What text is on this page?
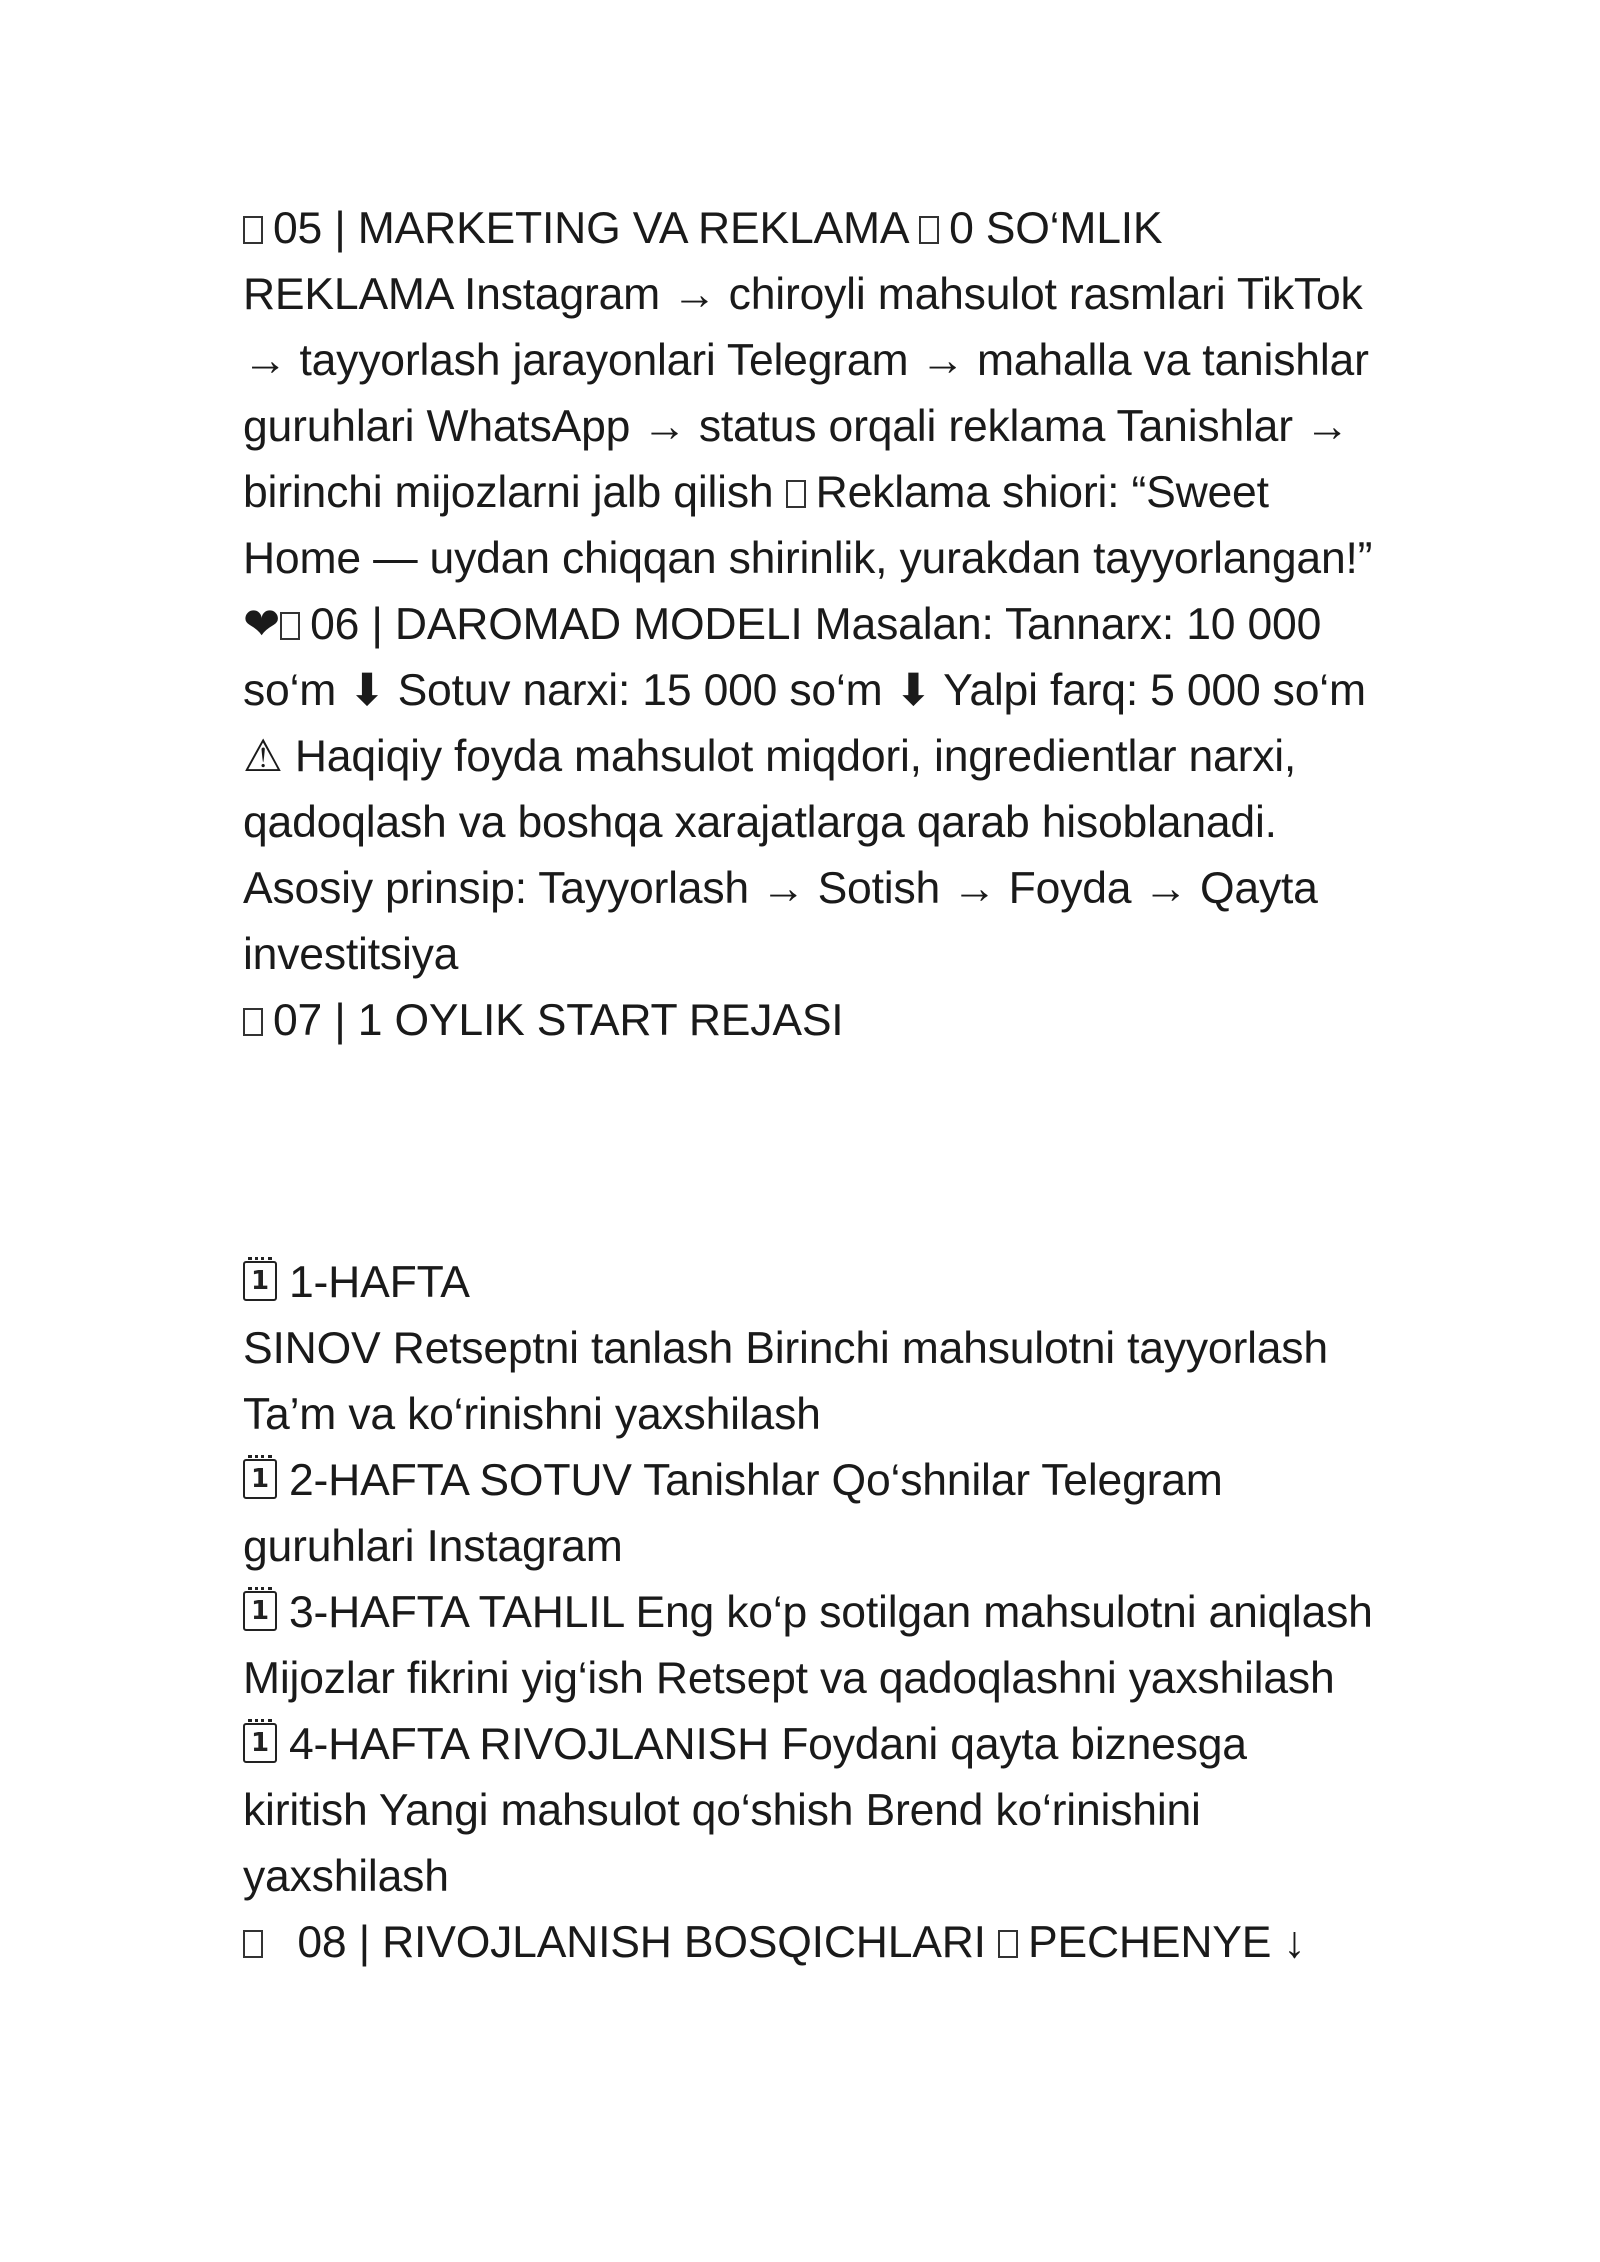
05 | MARKETING VA REKLAMA 0 SO‘MLIK REKLAMA Instagram → chiroyli mahsulot rasmlari TikTok → tayyorlash jarayonlari Telegram → mahalla va tanishlar guruhlari WhatsApp → status orqali reklama Tanishlar → birinchi mijozlarni jalb qilish Reklama shiori: “Sweet Home — uydan chiqqan shirinlik, yurakdan tayyorlangan!” ❤ 06 | DAROMAD MODELI Masalan: Tannarx: 10 000 so‘m ⬇ Sotuv narxi: 15 000 so‘m ⬇ Yalpi farq: 5 000 so‘m ⚠ Haqiqiy foyda mahsulot miqdori, ingredientlar narxi, qadoqlash va boshqa xarajatlarga qarab hisoblanadi. Asosiy prinsip: Tayyorlash → Sotish → Foyda → Qayta investitsiya

07 | 1 OYLIK START REJASI

1 1-HAFTA

SINOV Retseptni tanlash Birinchi mahsulotni tayyorlash Ta’m va ko‘rinishni yaxshilash

1 2-HAFTA SOTUV Tanishlar Qo‘shnilar Telegram guruhlari Instagram

1 3-HAFTA TAHLIL Eng ko‘p sotilgan mahsulotni aniqlash Mijozlar fikrini yig‘ish Retsept va qadoqlashni yaxshilash

1 4-HAFTA RIVOJLANISH Foydani qayta biznesga kiritish Yangi mahsulot qo‘shish Brend ko‘rinishini yaxshilash

08 | RIVOJLANISH BOSQICHLARI PECHENYE ↓
